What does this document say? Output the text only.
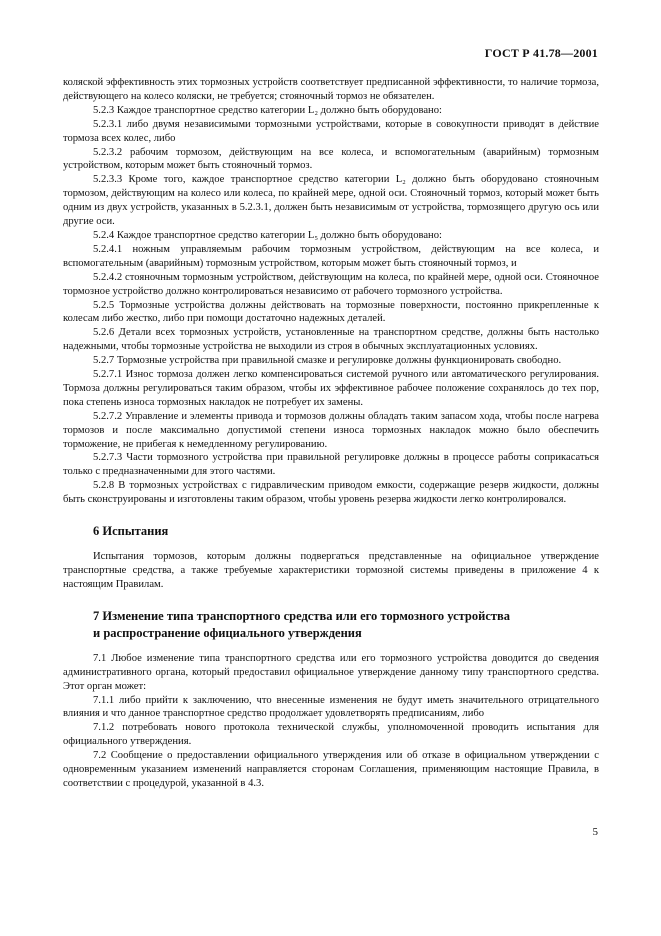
ГОСТ Р 41.78—2001

коляской эффективность этих тормозных устройств соответствует предписанной эффективности, то наличие тормоза, действующего на колесо коляски, не требуется; стояночный тормоз не обязателен.

5.2.3 Каждое транспортное средство категории L₂ должно быть оборудовано:

5.2.3.1 либо двумя независимыми тормозными устройствами, которые в совокупности приводят в действие тормоза всех колес, либо

5.2.3.2 рабочим тормозом, действующим на все колеса, и вспомогательным (аварийным) тормозным устройством, которым может быть стояночный тормоз.

5.2.3.3 Кроме того, каждое транспортное средство категории L₂ должно быть оборудовано стояночным тормозом, действующим на колесо или колеса, по крайней мере, одной оси. Стояночный тормоз, который может быть одним из двух устройств, указанных в 5.2.3.1, должен быть независимым от устройства, тормозящего другую ось или другие оси.

5.2.4 Каждое транспортное средство категории L₅ должно быть оборудовано:

5.2.4.1 ножным управляемым рабочим тормозным устройством, действующим на все колеса, и вспомогательным (аварийным) тормозным устройством, которым может быть стояночный тормоз, и

5.2.4.2 стояночным тормозным устройством, действующим на колеса, по крайней мере, одной оси. Стояночное тормозное устройство должно контролироваться независимо от рабочего тормозного устройства.

5.2.5 Тормозные устройства должны действовать на тормозные поверхности, постоянно прикрепленные к колесам либо жестко, либо при помощи достаточно надежных деталей.

5.2.6 Детали всех тормозных устройств, установленные на транспортном средстве, должны быть настолько надежными, чтобы тормозные устройства не выходили из строя в обычных эксплуатационных условиях.

5.2.7 Тормозные устройства при правильной смазке и регулировке должны функционировать свободно.

5.2.7.1 Износ тормоза должен легко компенсироваться системой ручного или автоматического регулирования. Тормоза должны регулироваться таким образом, чтобы их эффективное рабочее положение сохранялось до тех пор, пока степень износа тормозных накладок не потребует их замены.

5.2.7.2 Управление и элементы привода и тормозов должны обладать таким запасом хода, чтобы после нагрева тормозов и после максимально допустимой степени износа тормозных накладок можно было обеспечить торможение, не прибегая к немедленному регулированию.

5.2.7.3 Части тормозного устройства при правильной регулировке должны в процессе работы соприкасаться только с предназначенными для этого частями.

5.2.8 В тормозных устройствах с гидравлическим приводом емкости, содержащие резерв жидкости, должны быть сконструированы и изготовлены таким образом, чтобы уровень резерва жидкости легко контролировался.

6 Испытания

Испытания тормозов, которым должны подвергаться представленные на официальное утверждение транспортные средства, а также требуемые характеристики тормозной системы приведены в приложение 4 к настоящим Правилам.

7 Изменение типа транспортного средства или его тормозного устройства

и распространение официального утверждения

7.1 Любое изменение типа транспортного средства или его тормозного устройства доводится до сведения административного органа, который предоставил официальное утверждение данному типу транспортного средства. Этот орган может:

7.1.1 либо прийти к заключению, что внесенные изменения не будут иметь значительного отрицательного влияния и что данное транспортное средство продолжает удовлетворять предписаниям, либо

7.1.2 потребовать нового протокола технической службы, уполномоченной проводить испытания для официального утверждения.

7.2 Сообщение о предоставлении официального утверждения или об отказе в официальном утверждении с одновременным указанием изменений направляется сторонам Соглашения, применяющим настоящие Правила, в соответствии с процедурой, указанной в 4.3.

5
